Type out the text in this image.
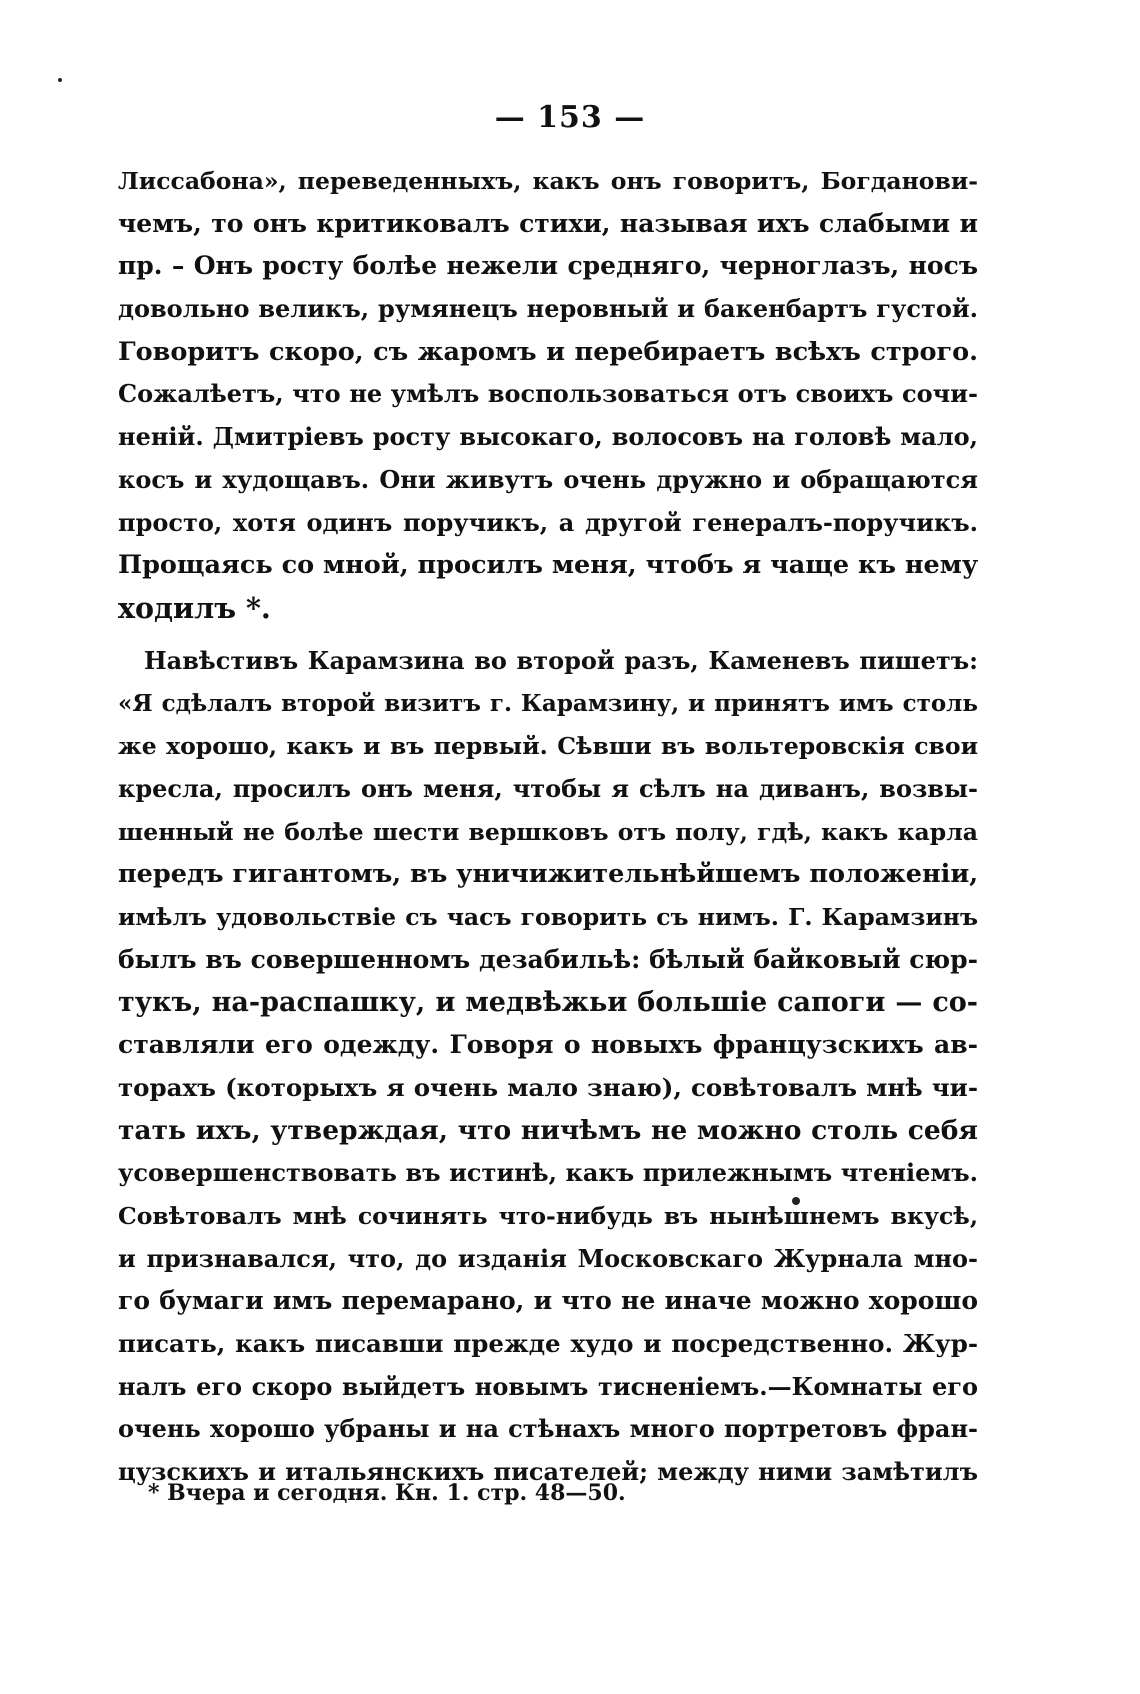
— 153 —
Лиссабона», переведенныхъ, какъ онъ говоритъ, Богданови-
чемъ, то онъ критиковалъ стихи, называя ихъ слабыми и
пр. – Онъ росту болѣе нежели средняго, черноглазъ, носъ
довольно великъ, румянецъ неровный и бакенбартъ густой.
Говоритъ скоро, съ жаромъ и перебираетъ всѣхъ строго.
Сожалѣетъ, что не умѣлъ воспользоваться отъ своихъ сочи-
неній. Дмитріевъ росту высокаго, волосовъ на головѣ мало,
косъ и худощавъ. Они живутъ очень дружно и обращаются
просто, хотя одинъ поручикъ, а другой генералъ-поручикъ.
Прощаясь со мной, просилъ меня, чтобъ я чаще къ нему
ходилъ *.
Навѣстивъ Карамзина во второй разъ, Каменевъ пишетъ:
«Я сдѣлалъ второй визитъ г. Карамзину, и принятъ имъ столь
же хорошо, какъ и въ первый. Сѣвши въ вольтеровскія свои
кресла, просилъ онъ меня, чтобы я сѣлъ на диванъ, возвы-
шенный не болѣе шести вершковъ отъ полу, гдѣ, какъ карла
передъ гигантомъ, въ уничижительнѣйшемъ положеніи,
имѣлъ удовольствіе съ часъ говорить съ нимъ. Г. Карамзинъ
былъ въ совершенномъ дезабильѣ: бѣлый байковый сюр-
тукъ, на-распашку, и медвѣжьи большіе сапоги — со-
ставляли его одежду. Говоря о новыхъ французскихъ ав-
торахъ (которыхъ я очень мало знаю), совѣтовалъ мнѣ чи-
тать ихъ, утверждая, что ничѣмъ не можно столь себя
усовершенствовать въ истинѣ, какъ прилежнымъ чтеніемъ.
Совѣтовалъ мнѣ сочинять что-нибудь въ нынѣшнемъ вкусѣ,
и признавался, что, до изданія Московскаго Журнала мно-
го бумаги имъ перемарано, и что не иначе можно хорошо
писать, какъ писавши прежде худо и посредственно. Жур-
налъ его скоро выйдетъ новымъ тисненіемъ.—Комнаты его
очень хорошо убраны и на стѣнахъ много портретовъ фран-
цузскихъ и итальянскихъ писателей; между ними замѣтилъ
* Вчера и сегодня. Кн. 1. стр. 48—50.
